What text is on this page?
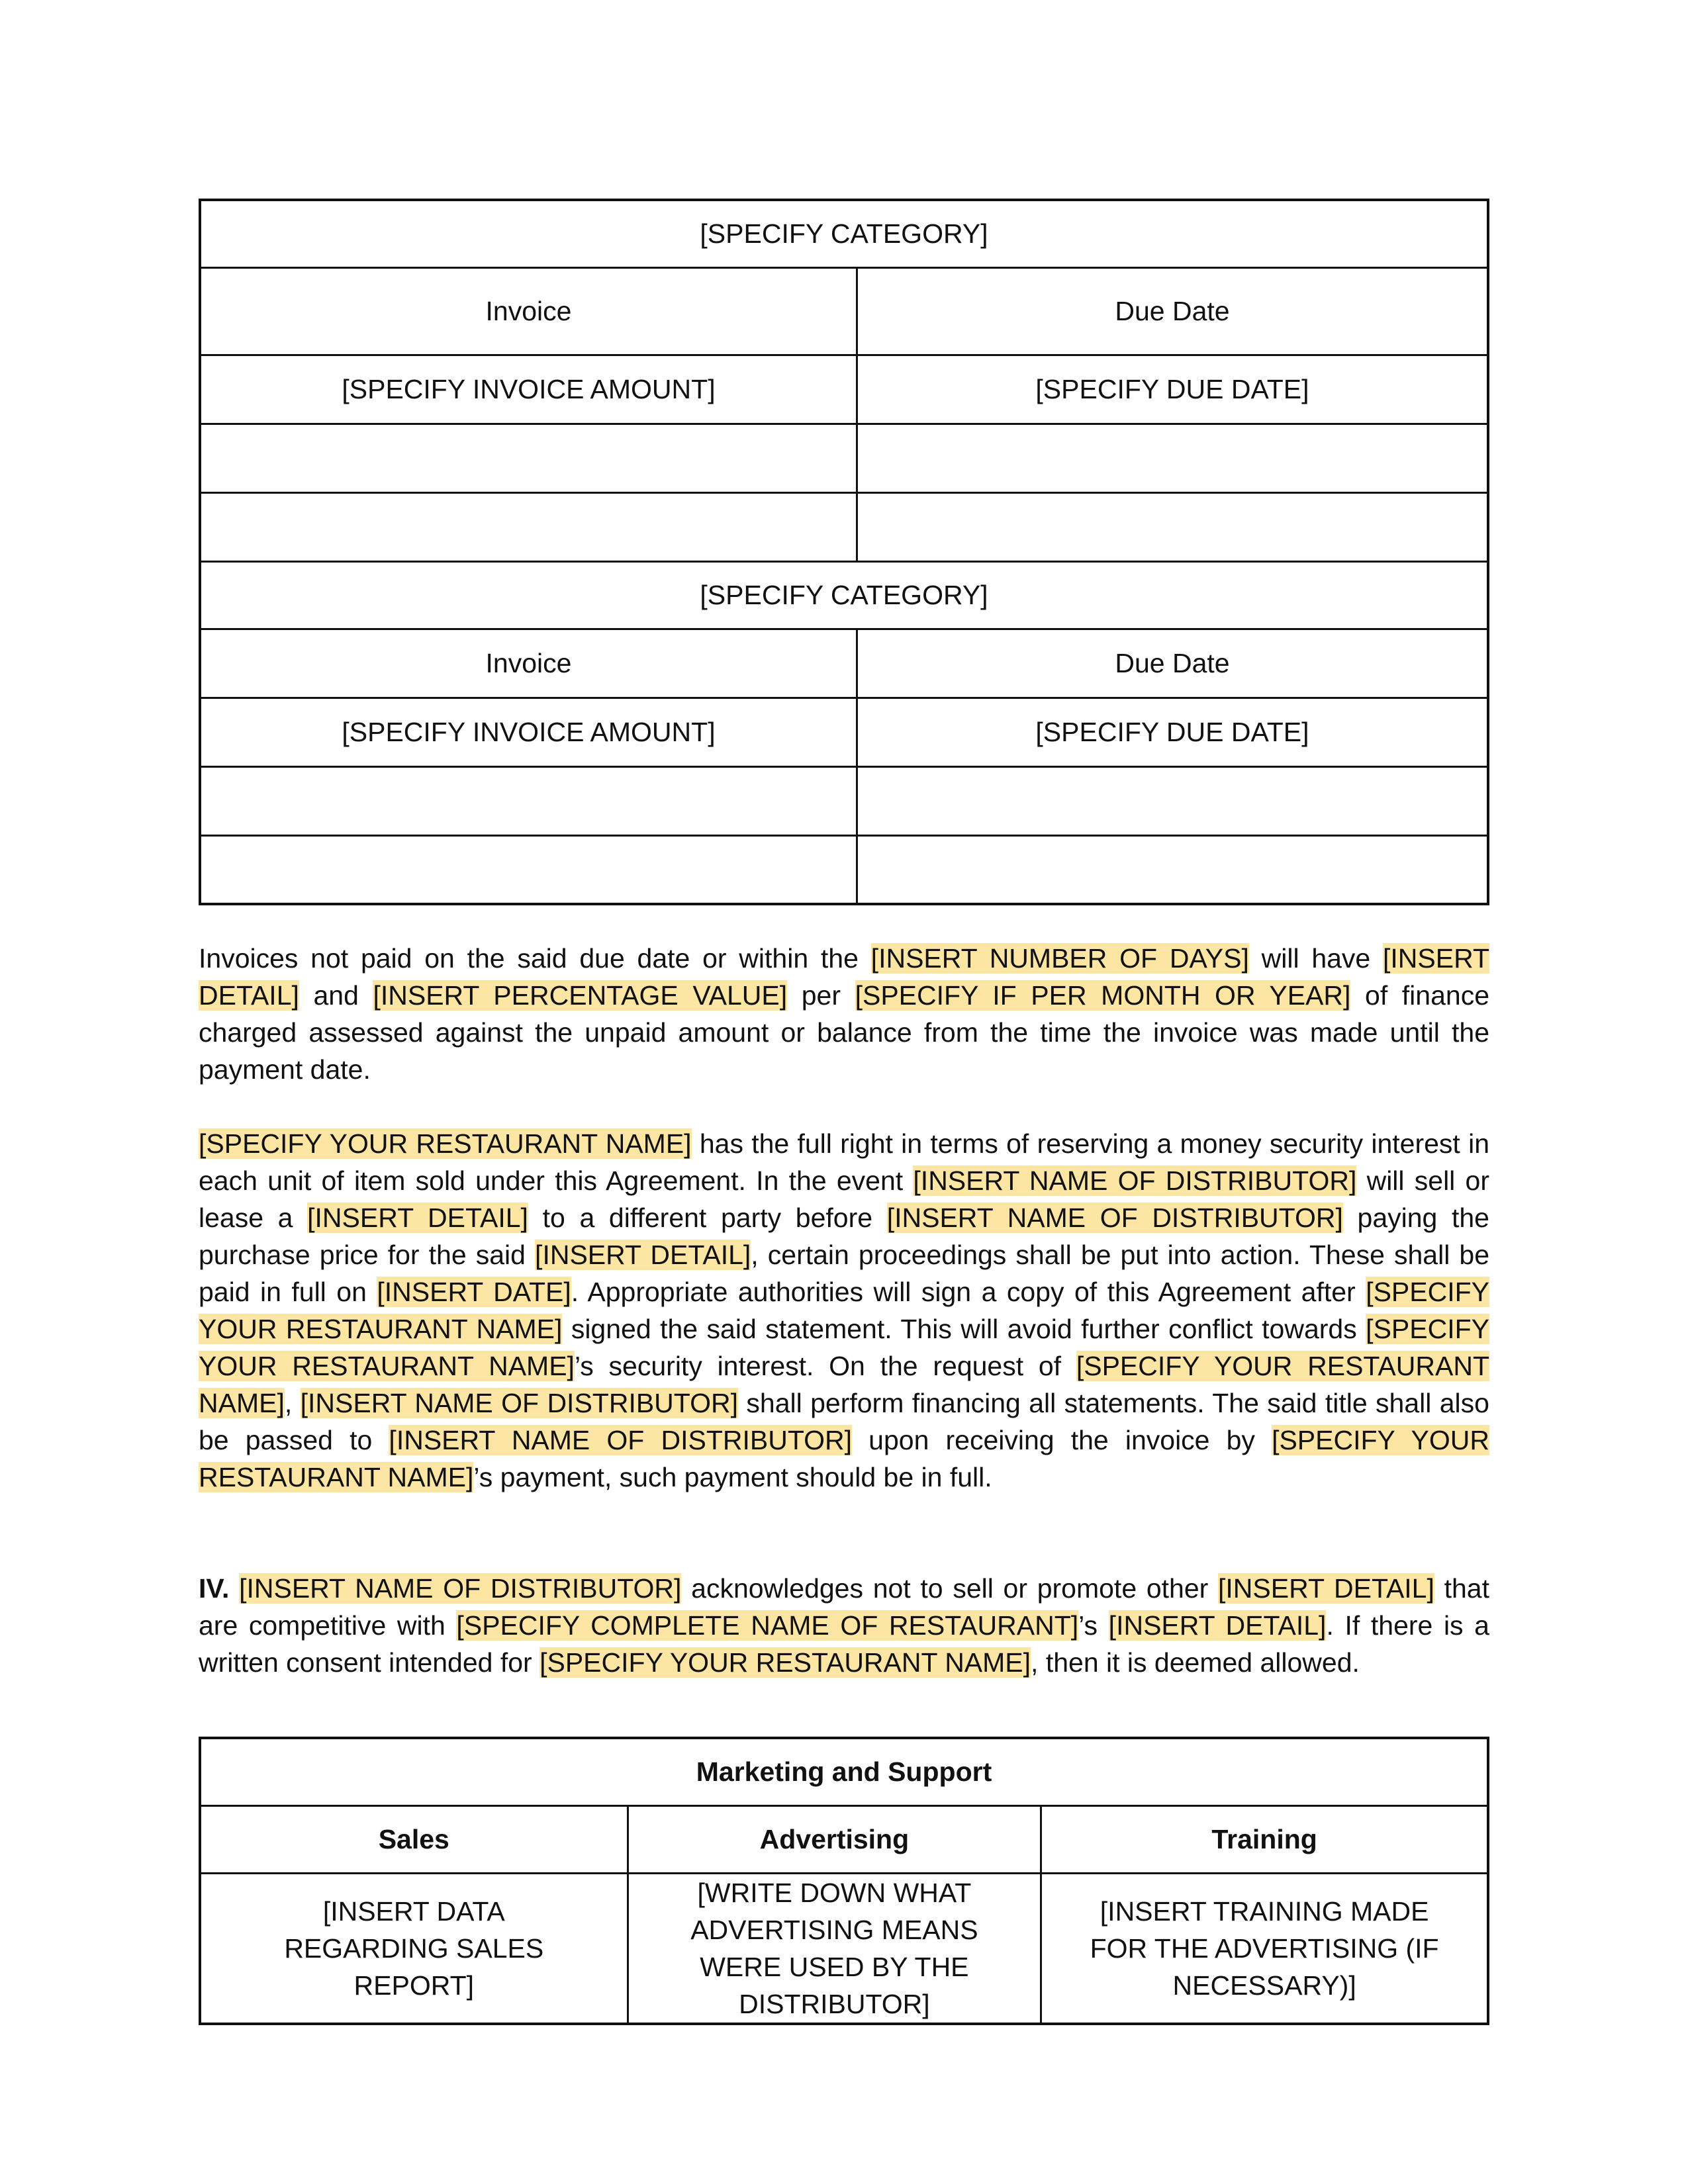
[SPECIFY CATEGORY]	
Invoice	Due Date
[SPECIFY INVOICE AMOUNT]	[SPECIFY DUE DATE]

[SPECIFY CATEGORY]	
Invoice	Due Date
[SPECIFY INVOICE AMOUNT]	[SPECIFY DUE DATE]

Invoices not paid on the said due date or within the [INSERT NUMBER OF DAYS] will have [INSERT DETAIL] and [INSERT PERCENTAGE VALUE] per [SPECIFY IF PER MONTH OR YEAR] of finance charged assessed against the unpaid amount or balance from the time the invoice was made until the payment date.

[SPECIFY YOUR RESTAURANT NAME] has the full right in terms of reserving a money security interest in each unit of item sold under this Agreement. In the event [INSERT NAME OF DISTRIBUTOR] will sell or lease a [INSERT DETAIL] to a different party before [INSERT NAME OF DISTRIBUTOR] paying the purchase price for the said [INSERT DETAIL], certain proceedings shall be put into action. These shall be paid in full on [INSERT DATE]. Appropriate authorities will sign a copy of this Agreement after [SPECIFY YOUR RESTAURANT NAME] signed the said statement. This will avoid further conflict towards [SPECIFY YOUR RESTAURANT NAME]’s security interest. On the request of [SPECIFY YOUR RESTAURANT NAME], [INSERT NAME OF DISTRIBUTOR] shall perform financing all statements. The said title shall also be passed to [INSERT NAME OF DISTRIBUTOR] upon receiving the invoice by [SPECIFY YOUR RESTAURANT NAME]’s payment, such payment should be in full.

IV. [INSERT NAME OF DISTRIBUTOR] acknowledges not to sell or promote other [INSERT DETAIL] that are competitive with [SPECIFY COMPLETE NAME OF RESTAURANT]’s [INSERT DETAIL]. If there is a written consent intended for [SPECIFY YOUR RESTAURANT NAME], then it is deemed allowed.

Marketing and Support		
Sales	Advertising	Training
[INSERT DATA REGARDING SALES REPORT]	[WRITE DOWN WHAT ADVERTISING MEANS WERE USED BY THE DISTRIBUTOR]	[INSERT TRAINING MADE FOR THE ADVERTISING (IF NECESSARY)]
